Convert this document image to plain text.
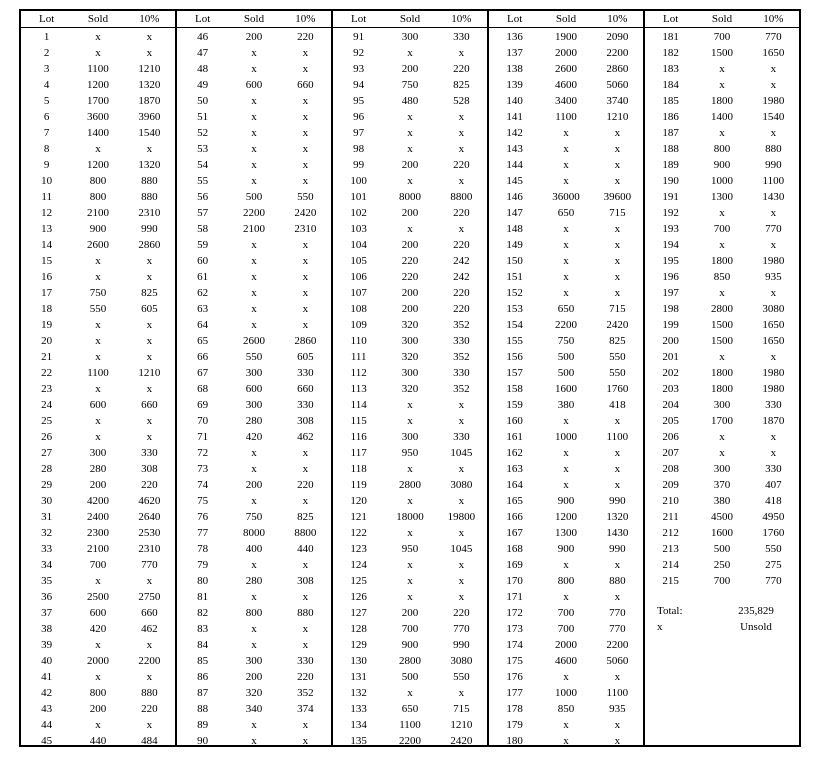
Lot	Sold	10%
1	x	x
2	x	x
3	1100	1210
4	1200	1320
5	1700	1870
6	3600	3960
7	1400	1540
8	x	x
9	1200	1320
10	800	880
11	800	880
12	2100	2310
13	900	990
14	2600	2860
15	x	x
16	x	x
17	750	825
18	550	605
19	x	x
20	x	x
21	x	x
22	1100	1210
23	x	x
24	600	660
25	x	x
26	x	x
27	300	330
28	280	308
29	200	220
30	4200	4620
31	2400	2640
32	2300	2530
33	2100	2310
34	700	770
35	x	x
36	2500	2750
37	600	660
38	420	462
39	x	x
40	2000	2200
41	x	x
42	800	880
43	200	220
44	x	x
45	440	484
Lot	Sold	10%
46	200	220
47	x	x
48	x	x
49	600	660
50	x	x
51	x	x
52	x	x
53	x	x
54	x	x
55	x	x
56	500	550
57	2200	2420
58	2100	2310
59	x	x
60	x	x
61	x	x
62	x	x
63	x	x
64	x	x
65	2600	2860
66	550	605
67	300	330
68	600	660
69	300	330
70	280	308
71	420	462
72	x	x
73	x	x
74	200	220
75	x	x
76	750	825
77	8000	8800
78	400	440
79	x	x
80	280	308
81	x	x
82	800	880
83	x	x
84	x	x
85	300	330
86	200	220
87	320	352
88	340	374
89	x	x
90	x	x
Lot	Sold	10%
91	300	330
92	x	x
93	200	220
94	750	825
95	480	528
96	x	x
97	x	x
98	x	x
99	200	220
100	x	x
101	8000	8800
102	200	220
103	x	x
104	200	220
105	220	242
106	220	242
107	200	220
108	200	220
109	320	352
110	300	330
111	320	352
112	300	330
113	320	352
114	x	x
115	x	x
116	300	330
117	950	1045
118	x	x
119	2800	3080
120	x	x
121	18000	19800
122	x	x
123	950	1045
124	x	x
125	x	x
126	x	x
127	200	220
128	700	770
129	900	990
130	2800	3080
131	500	550
132	x	x
133	650	715
134	1100	1210
135	2200	2420
Lot	Sold	10%
136	1900	2090
137	2000	2200
138	2600	2860
139	4600	5060
140	3400	3740
141	1100	1210
142	x	x
143	x	x
144	x	x
145	x	x
146	36000	39600
147	650	715
148	x	x
149	x	x
150	x	x
151	x	x
152	x	x
153	650	715
154	2200	2420
155	750	825
156	500	550
157	500	550
158	1600	1760
159	380	418
160	x	x
161	1000	1100
162	x	x
163	x	x
164	x	x
165	900	990
166	1200	1320
167	1300	1430
168	900	990
169	x	x
170	800	880
171	x	x
172	700	770
173	700	770
174	2000	2200
175	4600	5060
176	x	x
177	1000	1100
178	850	935
179	x	x
180	x	x
Lot	Sold	10%
181	700	770
182	1500	1650
183	x	x
184	x	x
185	1800	1980
186	1400	1540
187	x	x
188	800	880
189	900	990
190	1000	1100
191	1300	1430
192	x	x
193	700	770
194	x	x
195	1800	1980
196	850	935
197	x	x
198	2800	3080
199	1500	1650
200	1500	1650
201	x	x
202	1800	1980
203	1800	1980
204	300	330
205	1700	1870
206	x	x
207	x	x
208	300	330
209	370	407
210	380	418
211	4500	4950
212	1600	1760
213	500	550
214	250	275
215	700	770
Total:	235,829
x	Unsold
